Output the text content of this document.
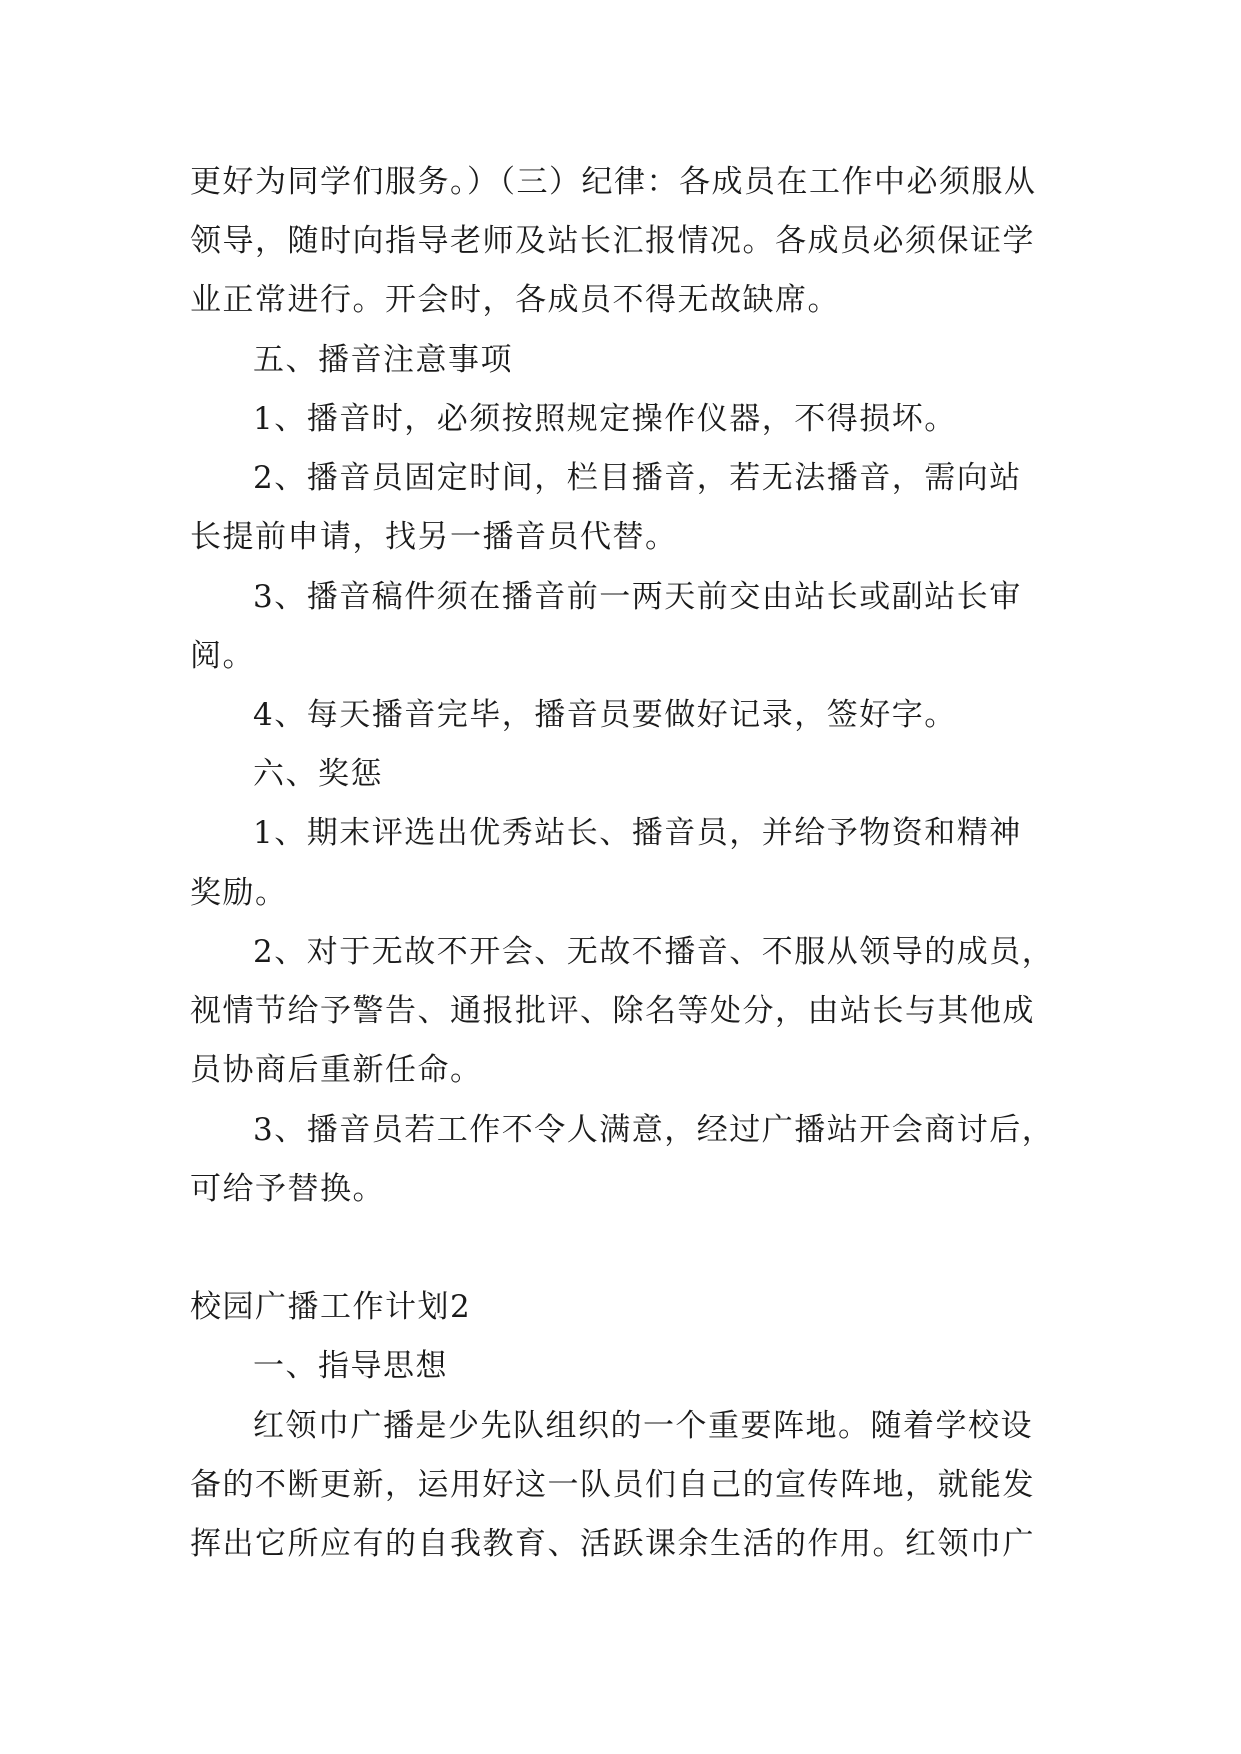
更好为同学们服务。）（三）纪律：各成员在工作中必须服从
领导，随时向指导老师及站长汇报情况。各成员必须保证学
业正常进行。开会时，各成员不得无故缺席。
五、播音注意事项
1、播音时，必须按照规定操作仪器，不得损坏。
2、播音员固定时间，栏目播音，若无法播音，需向站
长提前申请，找另一播音员代替。
3、播音稿件须在播音前一两天前交由站长或副站长审
阅。
4、每天播音完毕，播音员要做好记录，签好字。
六、奖惩
1、期末评选出优秀站长、播音员，并给予物资和精神
奖励。
2、对于无故不开会、无故不播音、不服从领导的成员，
视情节给予警告、通报批评、除名等处分，由站长与其他成
员协商后重新任命。
3、播音员若工作不令人满意，经过广播站开会商讨后，
可给予替换。
校园广播工作计划2
一、指导思想
红领巾广播是少先队组织的一个重要阵地。随着学校设
备的不断更新，运用好这一队员们自己的宣传阵地，就能发
挥出它所应有的自我教育、活跃课余生活的作用。红领巾广
